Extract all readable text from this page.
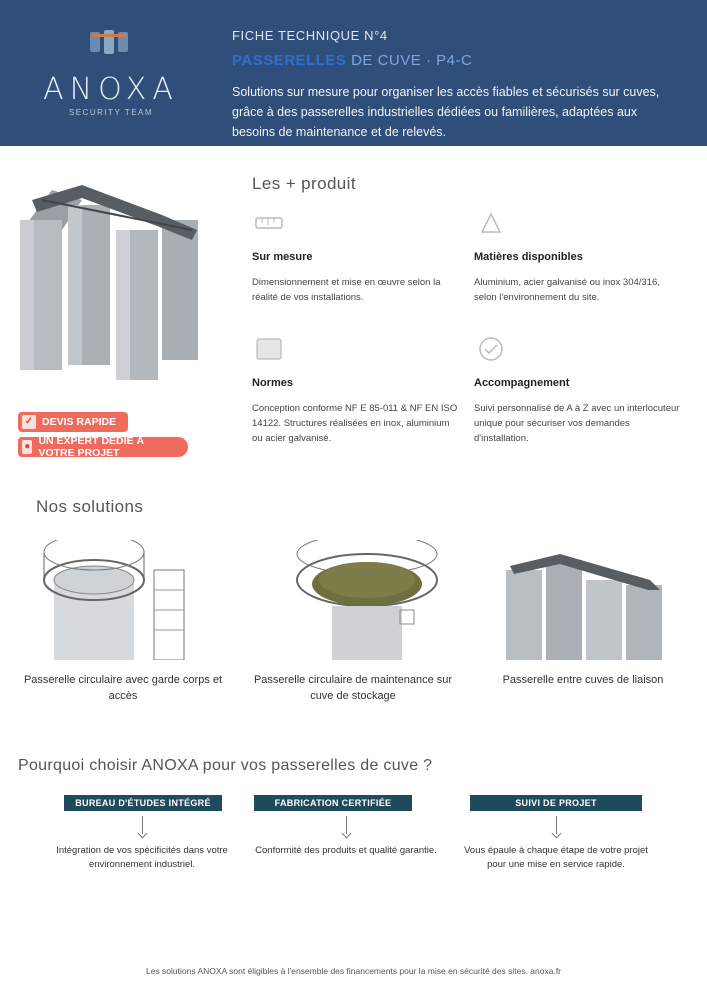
ANOXA
SECURITY TEAM
FICHE TECHNIQUE N°4
PASSERELLES DE CUVE · P4-C
Solutions sur mesure pour organiser les accès fiables et sécurisés sur cuves, grâce à des passerelles industrielles dédiées ou familières, adaptées aux besoins de maintenance et de relevés.
✓ DEVIS RAPIDE
● UN EXPERT DÉDIÉ À VOTRE PROJET
Les + produit
Sur mesure
Dimensionnement et mise en œuvre selon la réalité de vos installations.
Matières disponibles
Aluminium, acier galvanisé ou inox 304/316, selon l'environnement du site.
Normes
Conception conforme NF E 85-011 & NF EN ISO 14122. Structures réalisées en inox, aluminium ou acier galvanisé.
Accompagnement
Suivi personnalisé de A à Z avec un interlocuteur unique pour sécuriser vos demandes d'installation.
Nos solutions
Passerelle circulaire avec garde corps et accès
Passerelle circulaire de maintenance sur cuve de stockage
Passerelle entre cuves de liaison
Pourquoi choisir ANOXA pour vos passerelles de cuve ?
BUREAU D'ÉTUDES INTÉGRÉ
Intégration de vos spécificités dans votre environnement industriel.
FABRICATION CERTIFIÉE
Conformité des produits et qualité garantie.
SUIVI DE PROJET
Vous épaule à chaque étape de votre projet pour une mise en service rapide.
Les solutions ANOXA sont éligibles à l'ensemble des financements pour la mise en sécurité des sites. anoxa.fr
